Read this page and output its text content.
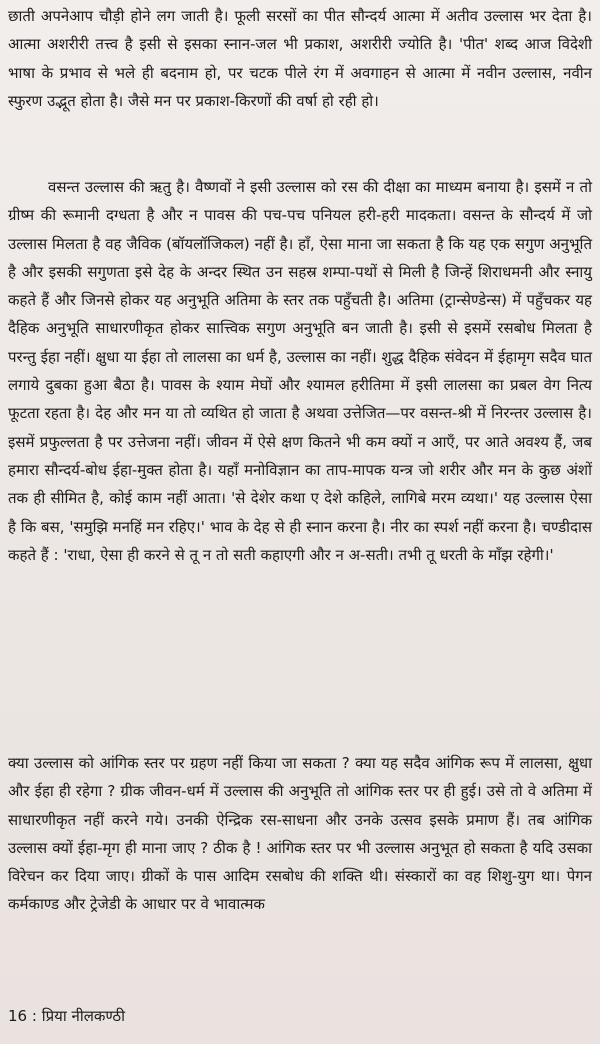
छाती अपनेआप चौड़ी होने लग जाती है। फूली सरसों का पीत सौन्दर्य आत्मा में अतीव उल्लास भर देता है। आत्मा अशरीरी तत्त्व है इसी से इसका स्नान-जल भी प्रकाश, अशरीरी ज्योति है। 'पीत' शब्द आज विदेशी भाषा के प्रभाव से भले ही बदनाम हो, पर चटक पीले रंग में अवगाहन से आत्मा में नवीन उल्लास, नवीन स्फुरण उद्भूत होता है। जैसे मन पर प्रकाश-किरणों की वर्षा हो रही हो।

वसन्त उल्लास की ऋतु है। वैष्णवों ने इसी उल्लास को रस की दीक्षा का माध्यम बनाया है। इसमें न तो ग्रीष्म की रूमानी दग्धता है और न पावस की पच-पच पनियल हरी-हरी मादकता। वसन्त के सौन्दर्य में जो उल्लास मिलता है वह जैविक (बॉयलॉजिकल) नहीं है। हाँ, ऐसा माना जा सकता है कि यह एक सगुण अनुभूति है और इसकी सगुणता इसे देह के अन्दर स्थित उन सहस्र शम्पा-पथों से मिली है जिन्हें शिराधमनी और स्नायु कहते हैं और जिनसे होकर यह अनुभूति अतिमा के स्तर तक पहुँचती है। अतिमा (ट्रान्सेण्डेन्स) में पहुँचकर यह दैहिक अनुभूति साधारणीकृत होकर सात्त्विक सगुण अनुभूति बन जाती है। इसी से इसमें रसबोध मिलता है परन्तु ईहा नहीं। क्षुधा या ईहा तो लालसा का धर्म है, उल्लास का नहीं। शुद्ध दैहिक संवेदन में ईहामृग सदैव घात लगाये दुबका हुआ बैठा है। पावस के श्याम मेघों और श्यामल हरीतिमा में इसी लालसा का प्रबल वेग नित्य फूटता रहता है। देह और मन या तो व्यथित हो जाता है अथवा उत्तेजित—पर वसन्त-श्री में निरन्तर उल्लास है। इसमें प्रफुल्लता है पर उत्तेजना नहीं। जीवन में ऐसे क्षण कितने भी कम क्यों न आएँ, पर आते अवश्य हैं, जब हमारा सौन्दर्य-बोध ईहा-मुक्त होता है। यहाँ मनोविज्ञान का ताप-मापक यन्त्र जो शरीर और मन के कुछ अंशों तक ही सीमित है, कोई काम नहीं आता। 'से देशेर कथा ए देशे कहिले, लागिबे मरम व्यथा।' यह उल्लास ऐसा है कि बस, 'समुझि मनहिं मन रहिए।' भाव के देह से ही स्नान करना है। नीर का स्पर्श नहीं करना है। चण्डीदास कहते हैं : 'राधा, ऐसा ही करने से तू न तो सती कहाएगी और न अ-सती। तभी तू धरती के माँझ रहेगी।'

क्या उल्लास को आंगिक स्तर पर ग्रहण नहीं किया जा सकता ? क्या यह सदैव आंगिक रूप में लालसा, क्षुधा और ईहा ही रहेगा ? ग्रीक जीवन-धर्म में उल्लास की अनुभूति तो आंगिक स्तर पर ही हुई। उसे तो वे अतिमा में साधारणीकृत नहीं करने गये। उनकी ऐन्द्रिक रस-साधना और उनके उत्सव इसके प्रमाण हैं। तब आंगिक उल्लास क्यों ईहा-मृग ही माना जाए ? ठीक है ! आंगिक स्तर पर भी उल्लास अनुभूत हो सकता है यदि उसका विरेचन कर दिया जाए। ग्रीकों के पास आदिम रसबोध की शक्ति थी। संस्कारों का वह शिशु-युग था। पेगन कर्मकाण्ड और ट्रेजेडी के आधार पर वे भावात्मक

16 : प्रिया नीलकण्ठी
